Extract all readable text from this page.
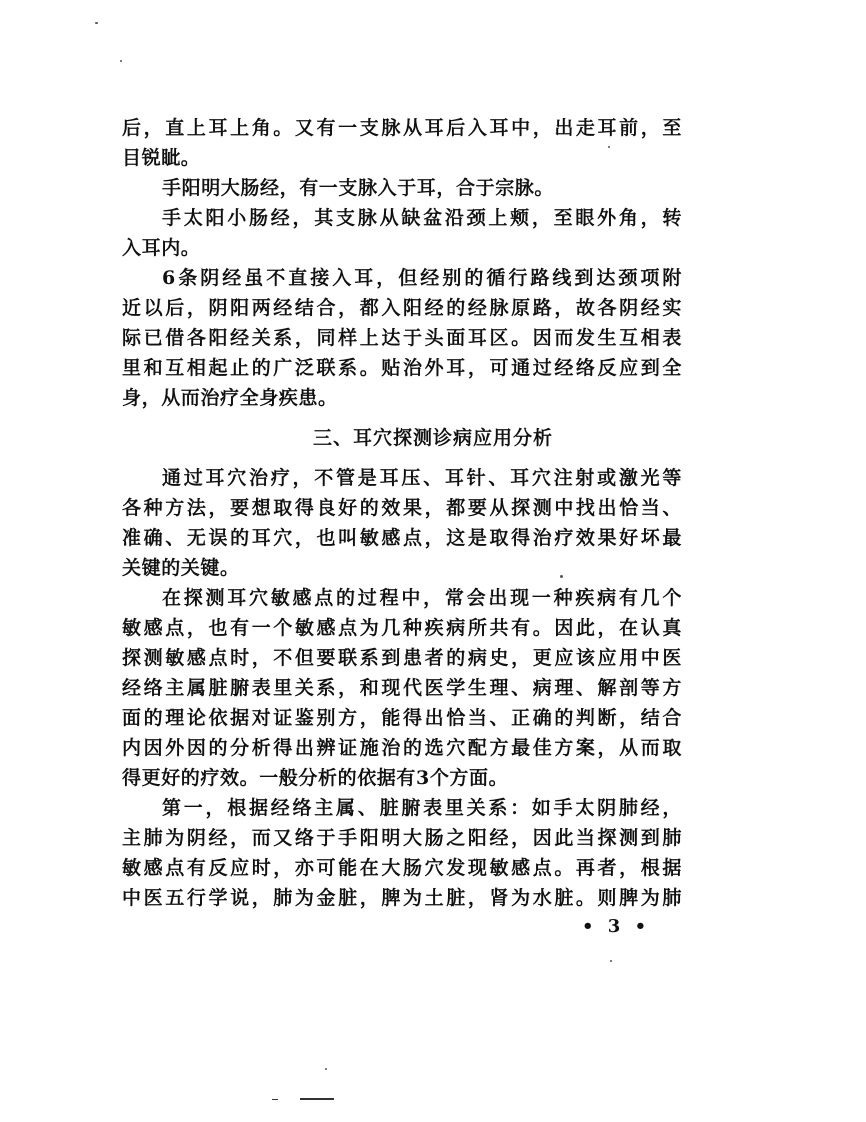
后，直上耳上角。又有一支脉从耳后入耳中，出走耳前，至
目锐眦。
手阳明大肠经，有一支脉入于耳，合于宗脉。
手太阳小肠经，其支脉从缺盆沿颈上颊，至眼外角，转
入耳内。
6条阴经虽不直接入耳，但经别的循行路线到达颈项附
近以后，阴阳两经结合，都入阳经的经脉原路，故各阴经实
际已借各阳经关系，同样上达于头面耳区。因而发生互相表
里和互相起止的广泛联系。贴治外耳，可通过经络反应到全
身，从而治疗全身疾患。
三、耳穴探测诊病应用分析
通过耳穴治疗，不管是耳压、耳针、耳穴注射或激光等
各种方法，要想取得良好的效果，都要从探测中找出恰当、
准确、无误的耳穴，也叫敏感点，这是取得治疗效果好坏最
关键的关键。
在探测耳穴敏感点的过程中，常会出现一种疾病有几个
敏感点，也有一个敏感点为几种疾病所共有。因此，在认真
探测敏感点时，不但要联系到患者的病史，更应该应用中医
经络主属脏腑表里关系，和现代医学生理、病理、解剖等方
面的理论依据对证鉴别方，能得出恰当、正确的判断，结合
内因外因的分析得出辨证施治的选穴配方最佳方案，从而取
得更好的疗效。一般分析的依据有3个方面。
第一，根据经络主属、脏腑表里关系：如手太阴肺经，
主肺为阴经，而又络于手阳明大肠之阳经，因此当探测到肺
敏感点有反应时，亦可能在大肠穴发现敏感点。再者，根据
中医五行学说，肺为金脏，脾为土脏，肾为水脏。则脾为肺
• 3 •
